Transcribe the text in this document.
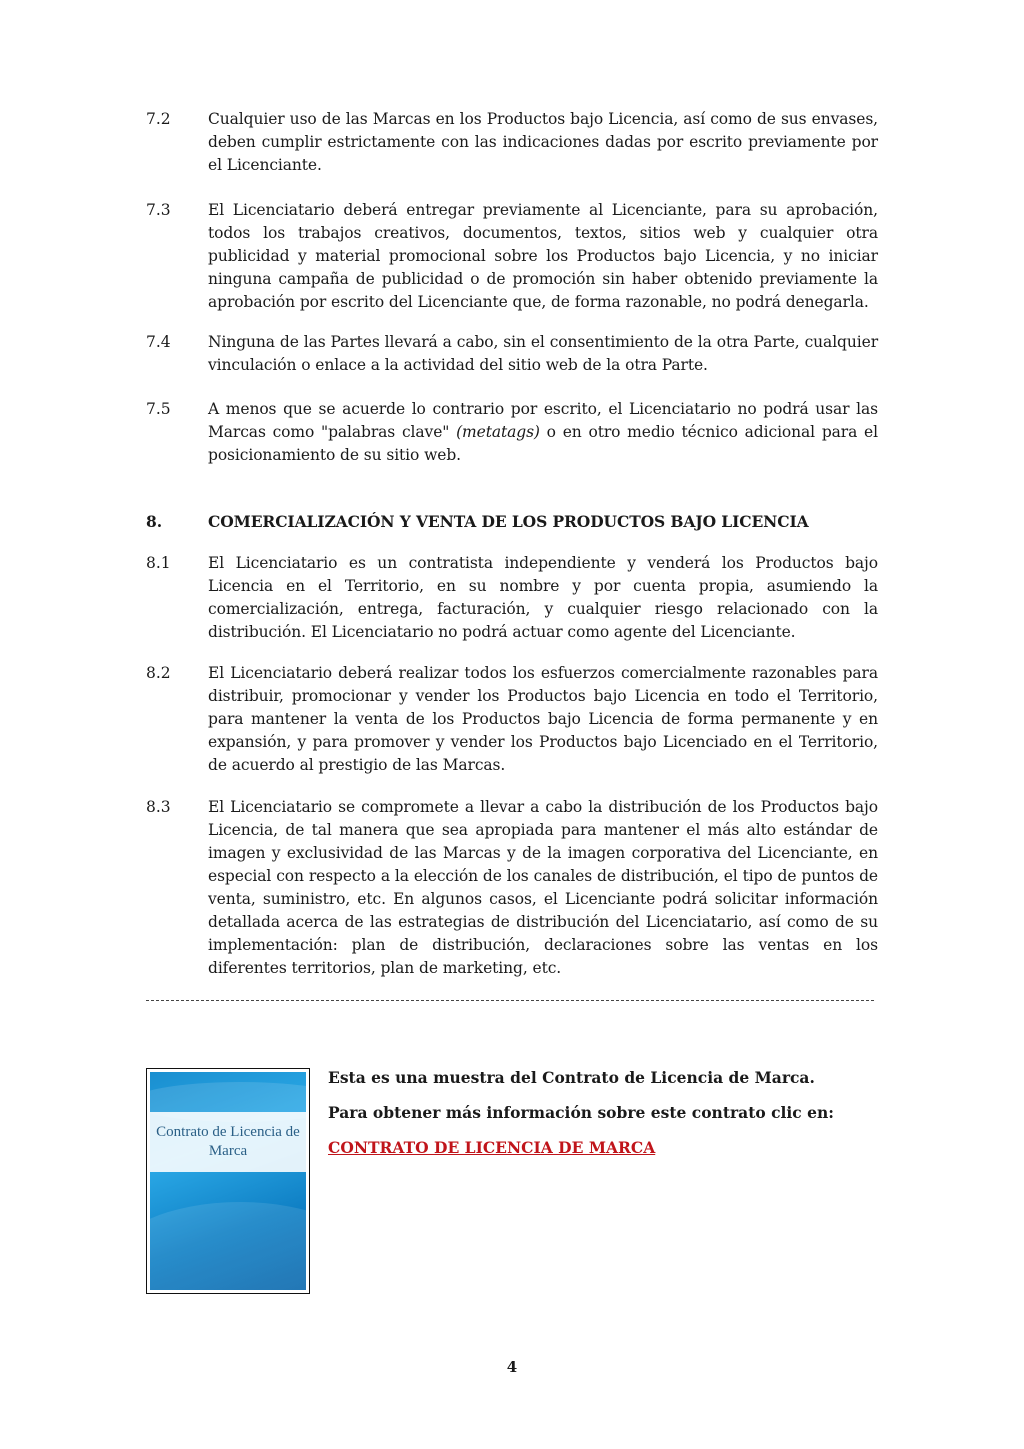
7.2 Cualquier uso de las Marcas en los Productos bajo Licencia, así como de sus envases, deben cumplir estrictamente con las indicaciones dadas por escrito previamente por el Licenciante.
7.3 El Licenciatario deberá entregar previamente al Licenciante, para su aprobación, todos los trabajos creativos, documentos, textos, sitios web y cualquier otra publicidad y material promocional sobre los Productos bajo Licencia, y no iniciar ninguna campaña de publicidad o de promoción sin haber obtenido previamente la aprobación por escrito del Licenciante que, de forma razonable, no podrá denegarla.
7.4 Ninguna de las Partes llevará a cabo, sin el consentimiento de la otra Parte, cualquier vinculación o enlace a la actividad del sitio web de la otra Parte.
7.5 A menos que se acuerde lo contrario por escrito, el Licenciatario no podrá usar las Marcas como "palabras clave" (metatags) o en otro medio técnico adicional para el posicionamiento de su sitio web.
8.	COMERCIALIZACIÓN Y VENTA DE LOS PRODUCTOS BAJO LICENCIA
8.1 El Licenciatario es un contratista independiente y venderá los Productos bajo Licencia en el Territorio, en su nombre y por cuenta propia, asumiendo la comercialización, entrega, facturación, y cualquier riesgo relacionado con la distribución. El Licenciatario no podrá actuar como agente del Licenciante.
8.2 El Licenciatario deberá realizar todos los esfuerzos comercialmente razonables para distribuir, promocionar y vender los Productos bajo Licencia en todo el Territorio, para mantener la venta de los Productos bajo Licencia de forma permanente y en expansión, y para promover y vender los Productos bajo Licenciado en el Territorio, de acuerdo al prestigio de las Marcas.
8.3 El Licenciatario se compromete a llevar a cabo la distribución de los Productos bajo Licencia, de tal manera que sea apropiada para mantener el más alto estándar de imagen y exclusividad de las Marcas y de la imagen corporativa del Licenciante, en especial con respecto a la elección de los canales de distribución, el tipo de puntos de venta, suministro, etc. En algunos casos, el Licenciante podrá solicitar información detallada acerca de las estrategias de distribución del Licenciatario, así como de su implementación: plan de distribución, declaraciones sobre las ventas en los diferentes territorios, plan de marketing, etc.
Contrato de Licencia de Marca
Esta es una muestra del Contrato de Licencia de Marca.
Para obtener más información sobre este contrato clic en:
CONTRATO DE LICENCIA DE MARCA
4
